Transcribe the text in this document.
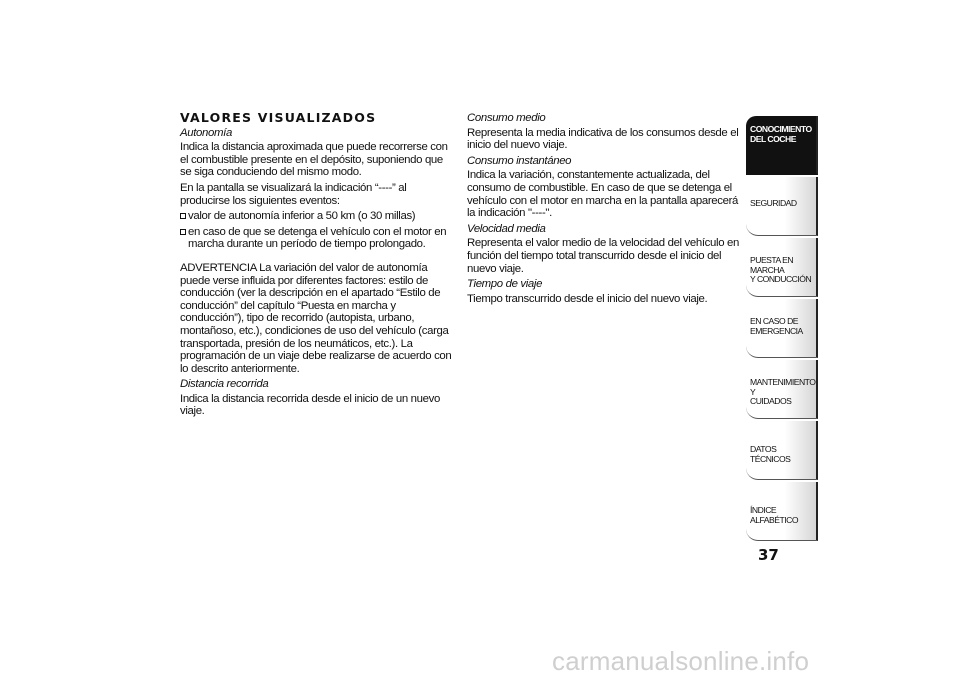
VALORES VISUALIZADOS
Autonomía
Indica la distancia aproximada que puede recorrerse con el combustible presente en el depósito, suponiendo que se siga conduciendo del mismo modo.
En la pantalla se visualizará la indicación “----” al producirse los siguientes eventos:
valor de autonomía inferior a 50 km (o 30 millas)
en caso de que se detenga el vehículo con el motor en marcha durante un período de tiempo prolongado.
ADVERTENCIA La variación del valor de autonomía puede verse influida por diferentes factores: estilo de conducción (ver la descripción en el apartado “Estilo de conducción” del capítulo “Puesta en marcha y conducción”), tipo de recorrido (autopista, urbano, montañoso, etc.), condiciones de uso del vehículo (carga transportada, presión de los neumáticos, etc.). La programación de un viaje debe realizarse de acuerdo con lo descrito anteriormente.
Distancia recorrida
Indica la distancia recorrida desde el inicio de un nuevo viaje.
Consumo medio
Representa la media indicativa de los consumos desde el inicio del nuevo viaje.
Consumo instantáneo
Indica la variación, constantemente actualizada, del consumo de combustible. En caso de que se detenga el vehículo con el motor en marcha en la pantalla aparecerá la indicación "----".
Velocidad media
Representa el valor medio de la velocidad del vehículo en función del tiempo total transcurrido desde el inicio del nuevo viaje.
Tiempo de viaje
Tiempo transcurrido desde el inicio del nuevo viaje.
CONOCIMIENTO
DEL COCHE
SEGURIDAD
PUESTA EN MARCHA
Y CONDUCCIÓN
EN CASO DE
EMERGENCIA
MANTENIMIENTO Y
CUIDADOS
DATOS TÉCNICOS
ÍNDICE ALFABÉTICO
37
carmanualsonline.info
